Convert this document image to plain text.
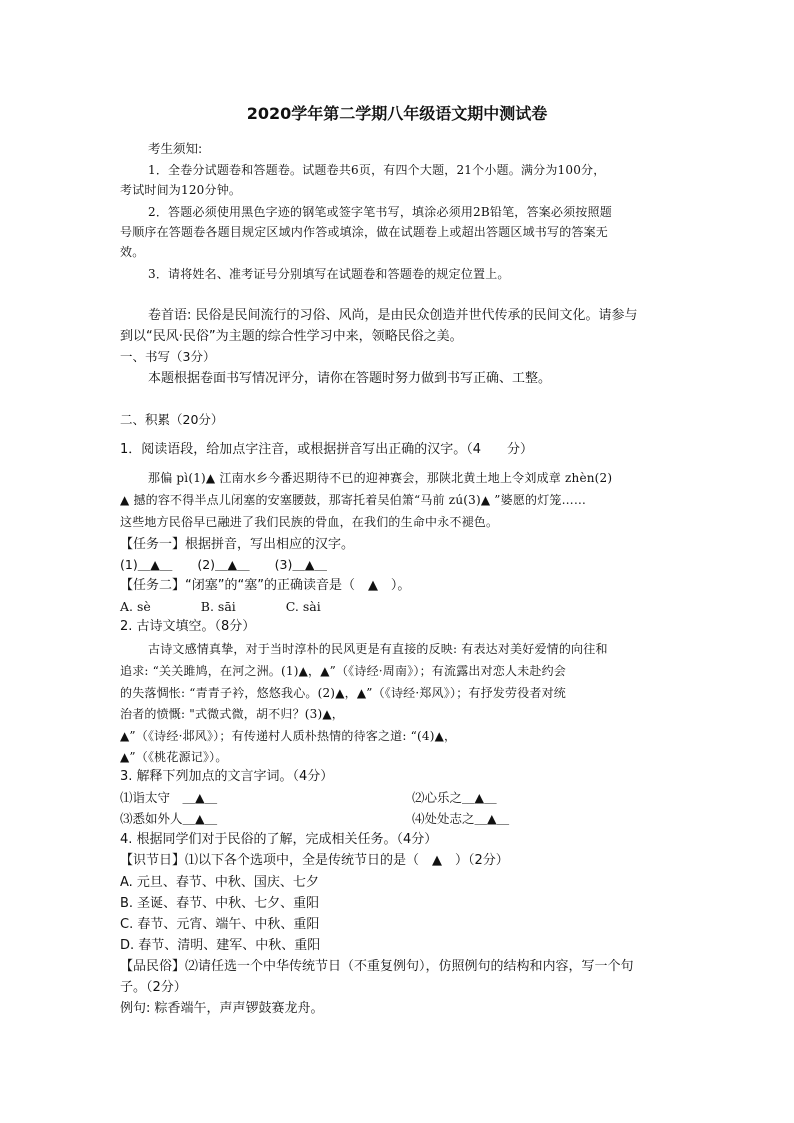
2020学年第二学期八年级语文期中测试卷
考生须知:
1．全卷分试题卷和答题卷。试题卷共6页，有四个大题，21个小题。满分为100分，
考试时间为120分钟。
2．答题必须使用黑色字迹的钢笔或签字笔书写，填涂必须用2B铅笔，答案必须按照题
号顺序在答题卷各题目规定区域内作答或填涂，做在试题卷上或超出答题区域书写的答案无
效。
3．请将姓名、准考证号分别填写在试题卷和答题卷的规定位置上。
卷首语: 民俗是民间流行的习俗、风尚，是由民众创造并世代传承的民间文化。请参与
到以“民风·民俗”为主题的综合性学习中来，领略民俗之美。
一、书写（3分）
本题根据卷面书写情况评分，请你在答题时努力做到书写正确、工整。
二、积累（20分）
1．阅读语段，给加点字注音，或根据拼音写出正确的汉字。（4　　分）
那偏 pì(1)▲ 江南水乡今番迟期待不已的迎神赛会，那陕北黄土地上令刘成章 zhèn(2)
▲ 撼的容不得半点儿闭塞的安塞腰鼓，那寄托着吴伯箫“马前 zú(3)▲ ”婆愿的灯笼……
这些地方民俗早已融进了我们民族的骨血，在我们的生命中永不褪色。
【任务一】根据拼音，写出相应的汉字。
(1)＿▲＿　　(2)＿▲＿　　(3)＿▲＿
【任务二】“闭塞”的“塞”的正确读音是（　▲　）。
A. sè　　　　B. sāi　　　　C. sài
2. 古诗文填空。（8分）
古诗文感情真挚，对于当时淳朴的民风更是有直接的反映: 有表达对美好爱情的向往和
追求: “关关雎鸠，在河之洲。(1)▲，▲”（《诗经·周南》）；有流露出对恋人未赴约会
的失落惆怅: “青青子衿，悠悠我心。(2)▲，▲”（《诗经·郑风》）；有抒发劳役者对统
治者的愤慨: "式微式微，胡不归？(3)▲，
▲”（《诗经·邶风》）；有传递村人质朴热情的待客之道: “(4)▲，
▲”（《桃花源记》）。
3. 解释下列加点的文言字词。（4分）
⑴诣太守　＿▲＿	⑵心乐之＿▲＿
⑶悉如外人＿▲＿	⑷处处志之＿▲＿
4. 根据同学们对于民俗的了解，完成相关任务。（4分）
【识节日】⑴以下各个选项中，全是传统节日的是（　▲　）（2分）
A. 元旦、春节、中秋、国庆、七夕
B. 圣诞、春节、中秋、七夕、重阳
C. 春节、元宵、端午、中秋、重阳
D. 春节、清明、建军、中秋、重阳
【品民俗】⑵请任选一个中华传统节日（不重复例句），仿照例句的结构和内容，写一个句
子。（2分）
例句: 粽香端午，声声锣鼓赛龙舟。
